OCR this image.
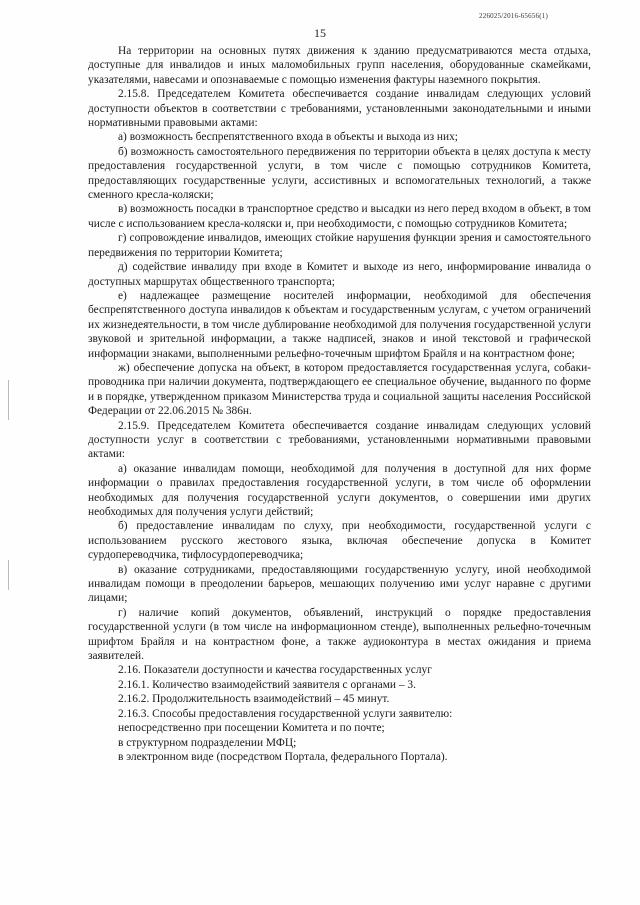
226025/2016-65656(1)
15

На территории на основных путях движения к зданию предусматриваются места отдыха, доступные для инвалидов и иных маломобильных групп населения, оборудованные скамейками, указателями, навесами и опознаваемые с помощью изменения фактуры наземного покрытия.

2.15.8. Председателем Комитета обеспечивается создание инвалидам следующих условий доступности объектов в соответствии с требованиями, установленными законодательными и иными нормативными правовыми актами:

а) возможность беспрепятственного входа в объекты и выхода из них;

б) возможность самостоятельного передвижения по территории объекта в целях доступа к месту предоставления государственной услуги, в том числе с помощью сотрудников Комитета, предоставляющих государственные услуги, ассистивных и вспомогательных технологий, а также сменного кресла-коляски;

в) возможность посадки в транспортное средство и высадки из него перед входом в объект, в том числе с использованием кресла-коляски и, при необходимости, с помощью сотрудников Комитета;

г) сопровождение инвалидов, имеющих стойкие нарушения функции зрения и самостоятельного передвижения по территории Комитета;

д) содействие инвалиду при входе в Комитет и выходе из него, информирование инвалида о доступных маршрутах общественного транспорта;

е) надлежащее размещение носителей информации, необходимой для обеспечения беспрепятственного доступа инвалидов к объектам и государственным услугам, с учетом ограничений их жизнедеятельности, в том числе дублирование необходимой для получения государственной услуги звуковой и зрительной информации, а также надписей, знаков и иной текстовой и графической информации знаками, выполненными рельефно-точечным шрифтом Брайля и на контрастном фоне;

ж) обеспечение допуска на объект, в котором предоставляется государственная услуга, собаки-проводника при наличии документа, подтверждающего ее специальное обучение, выданного по форме и в порядке, утвержденном приказом Министерства труда и социальной защиты населения Российской Федерации от 22.06.2015 № 386н.

2.15.9. Председателем Комитета обеспечивается создание инвалидам следующих условий доступности услуг в соответствии с требованиями, установленными нормативными правовыми актами:

а) оказание инвалидам помощи, необходимой для получения в доступной для них форме информации о правилах предоставления государственной услуги, в том числе об оформлении необходимых для получения государственной услуги документов, о совершении ими других необходимых для получения услуги действий;

б) предоставление инвалидам по слуху, при необходимости, государственной услуги с использованием русского жестового языка, включая обеспечение допуска в Комитет сурдопереводчика, тифлосурдопереводчика;

в) оказание сотрудниками, предоставляющими государственную услугу, иной необходимой инвалидам помощи в преодолении барьеров, мешающих получению ими услуг наравне с другими лицами;

г) наличие копий документов, объявлений, инструкций о порядке предоставления государственной услуги (в том числе на информационном стенде), выполненных рельефно-точечным шрифтом Брайля и на контрастном фоне, а также аудиоконтура в местах ожидания и приема заявителей.

2.16. Показатели доступности и качества государственных услуг

2.16.1. Количество взаимодействий заявителя с органами – 3.

2.16.2. Продолжительность взаимодействий – 45 минут.

2.16.3. Способы предоставления государственной услуги заявителю:

непосредственно при посещении Комитета и по почте;

в структурном подразделении МФЦ;

в электронном виде (посредством Портала, федерального Портала).
